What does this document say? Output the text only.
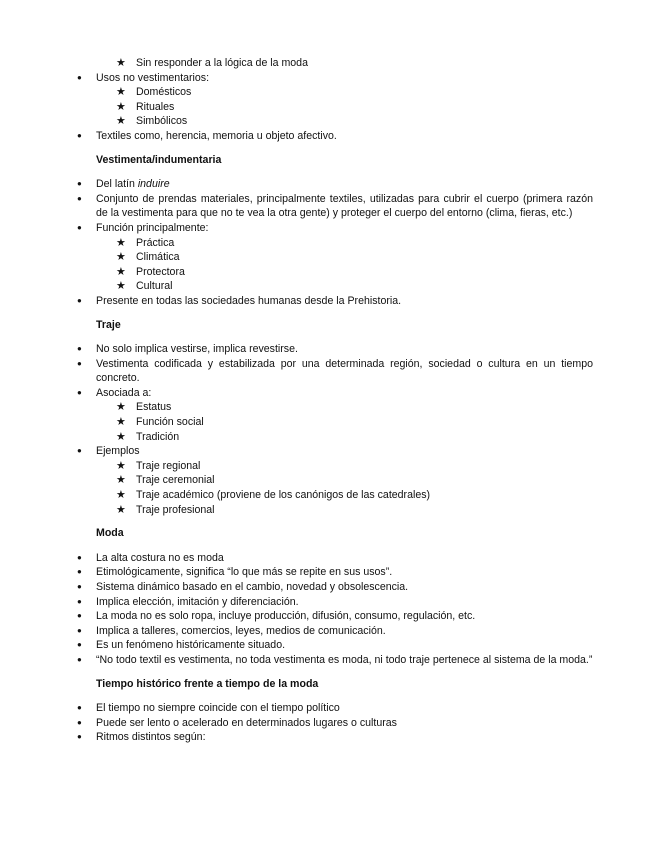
★ Sin responder a la lógica de la moda
● Usos no vestimentarios:
★ Domésticos
★ Rituales
★ Simbólicos
● Textiles como, herencia, memoria u objeto afectivo.
Vestimenta/indumentaria
● Del latín induire
● Conjunto de prendas materiales, principalmente textiles, utilizadas para cubrir el cuerpo (primera razón de la vestimenta para que no te vea la otra gente) y proteger el cuerpo del entorno (clima, fieras, etc.)
● Función principalmente:
★ Práctica
★ Climática
★ Protectora
★ Cultural
● Presente en todas las sociedades humanas desde la Prehistoria.
Traje
● No solo implica vestirse, implica revestirse.
● Vestimenta codificada y estabilizada por una determinada región, sociedad o cultura en un tiempo concreto.
● Asociada a:
★ Estatus
★ Función social
★ Tradición
● Ejemplos
★ Traje regional
★ Traje ceremonial
★ Traje académico (proviene de los canónigos de las catedrales)
★ Traje profesional
Moda
● La alta costura no es moda
● Etimológicamente, significa “lo que más se repite en sus usos”.
● Sistema dinámico basado en el cambio, novedad y obsolescencia.
● Implica elección, imitación y diferenciación.
● La moda no es solo ropa, incluye producción, difusión, consumo, regulación, etc.
● Implica a talleres, comercios, leyes, medios de comunicación.
● Es un fenómeno históricamente situado.
● “No todo textil es vestimenta, no toda vestimenta es moda, ni todo traje pertenece al sistema de la moda.”
Tiempo histórico frente a tiempo de la moda
● El tiempo no siempre coincide con el tiempo político
● Puede ser lento o acelerado en determinados lugares o culturas
● Ritmos distintos según:
